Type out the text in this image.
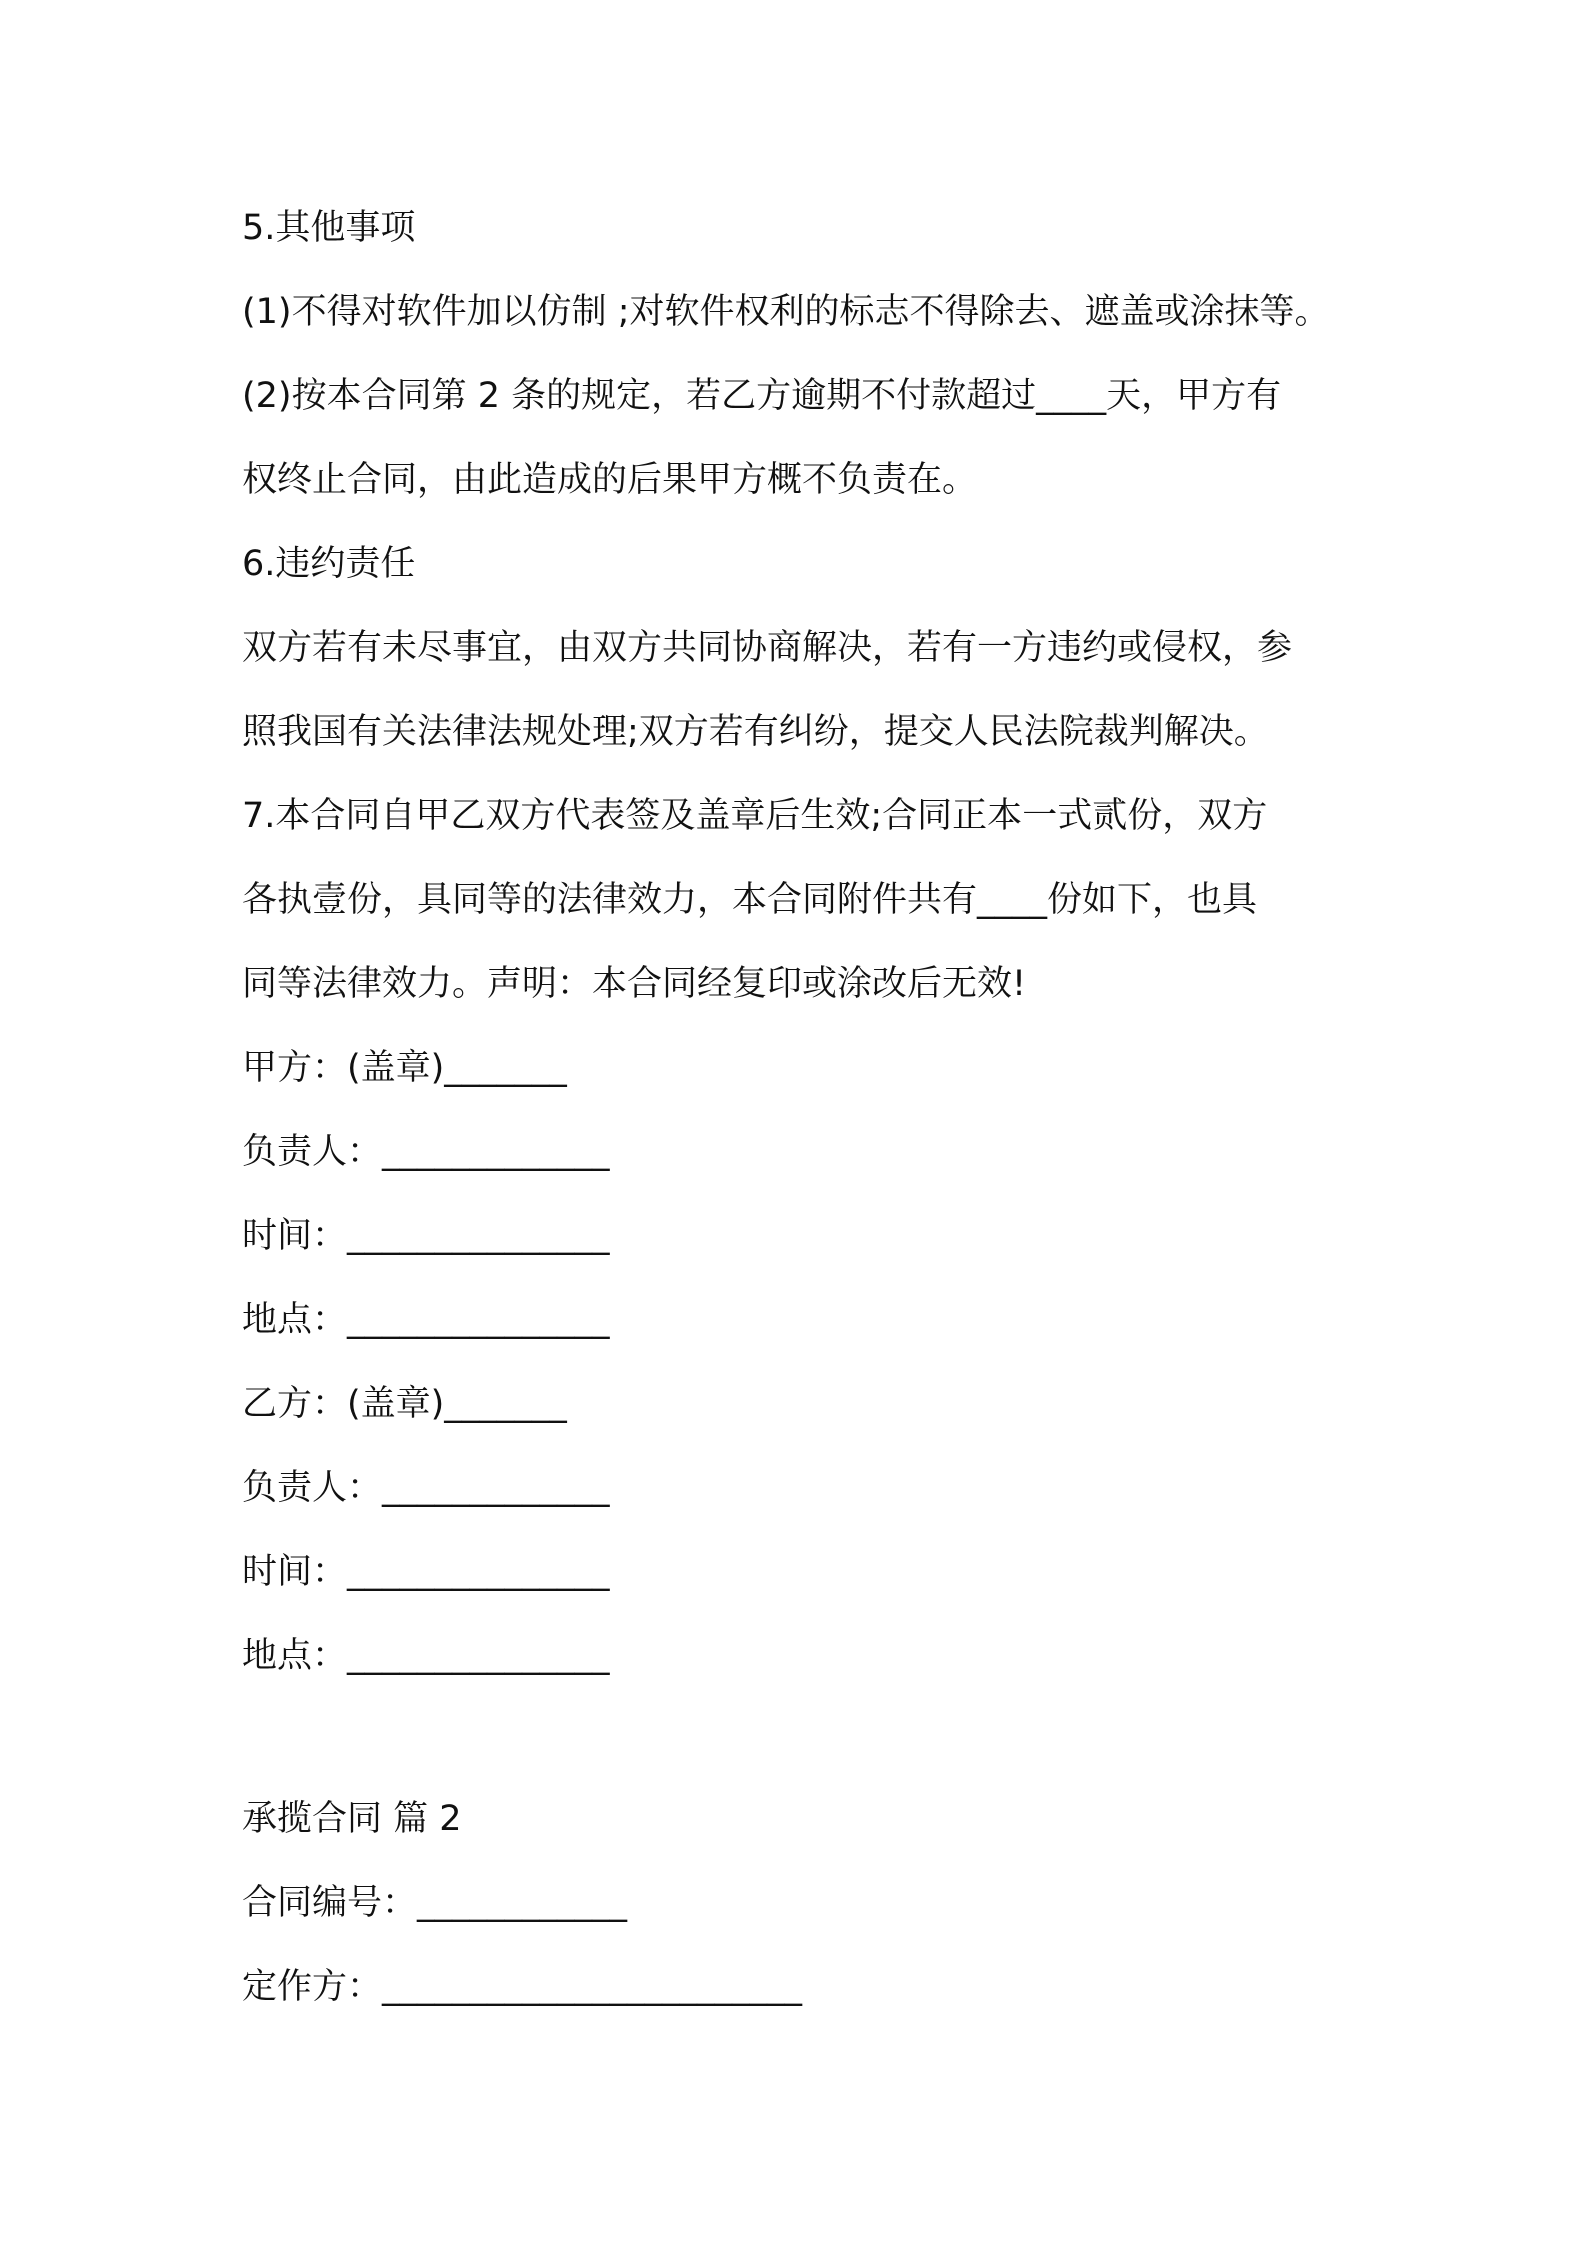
5.其他事项

(1)不得对软件加以仿制 ;对软件权利的标志不得除去、遮盖或涂抹等。

(2)按本合同第 2 条的规定，若乙方逾期不付款超过____天，甲方有

权终止合同，由此造成的后果甲方概不负责在。

6.违约责任

双方若有未尽事宜，由双方共同协商解决，若有一方违约或侵权，参

照我国有关法律法规处理;双方若有纠纷，提交人民法院裁判解决。

7.本合同自甲乙双方代表签及盖章后生效;合同正本一式贰份，双方

各执壹份，具同等的法律效力，本合同附件共有____份如下，也具

同等法律效力。声明：本合同经复印或涂改后无效!

甲方：(盖章)_______

负责人：_____________

时间：_______________

地点：_______________

乙方：(盖章)_______

负责人：_____________

时间：_______________

地点：_______________

承揽合同 篇 2

合同编号：____________

定作方：________________________
